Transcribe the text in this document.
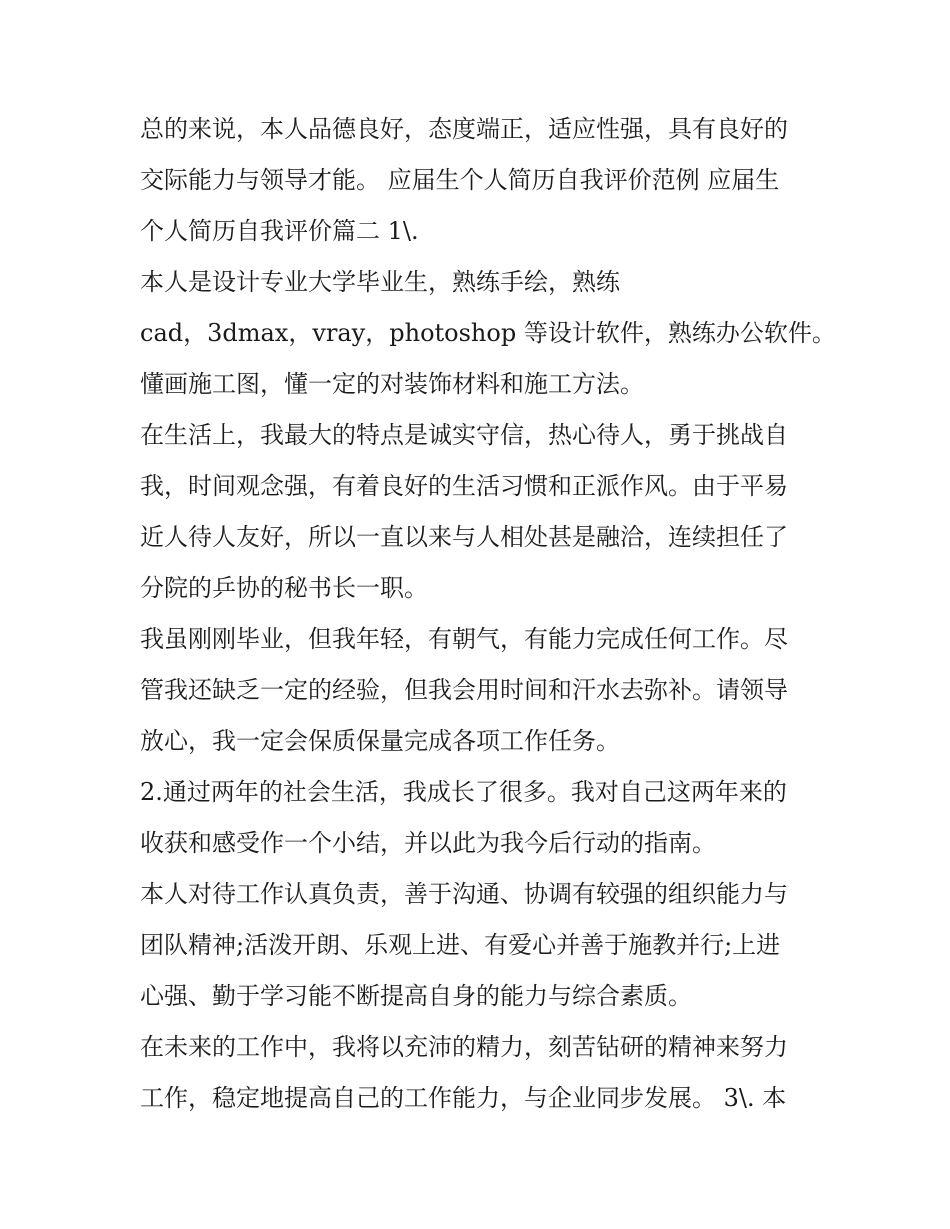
总的来说，本人品德良好，态度端正，适应性强，具有良好的
交际能力与领导才能。 应届生个人简历自我评价范例 应届生
个人简历自我评价篇二 1\.
本人是设计专业大学毕业生，熟练手绘，熟练
cad，3dmax，vray，photoshop 等设计软件，熟练办公软件。
懂画施工图，懂一定的对装饰材料和施工方法。
在生活上，我最大的特点是诚实守信，热心待人，勇于挑战自
我，时间观念强，有着良好的生活习惯和正派作风。由于平易
近人待人友好，所以一直以来与人相处甚是融洽，连续担任了
分院的乒协的秘书长一职。
我虽刚刚毕业，但我年轻，有朝气，有能力完成任何工作。尽
管我还缺乏一定的经验，但我会用时间和汗水去弥补。请领导
放心，我一定会保质保量完成各项工作任务。
2.通过两年的社会生活，我成长了很多。我对自己这两年来的
收获和感受作一个小结，并以此为我今后行动的指南。
本人对待工作认真负责，善于沟通、协调有较强的组织能力与
团队精神;活泼开朗、乐观上进、有爱心并善于施教并行;上进
心强、勤于学习能不断提高自身的能力与综合素质。
在未来的工作中，我将以充沛的精力，刻苦钻研的精神来努力
工作，稳定地提高自己的工作能力，与企业同步发展。 3\. 本
